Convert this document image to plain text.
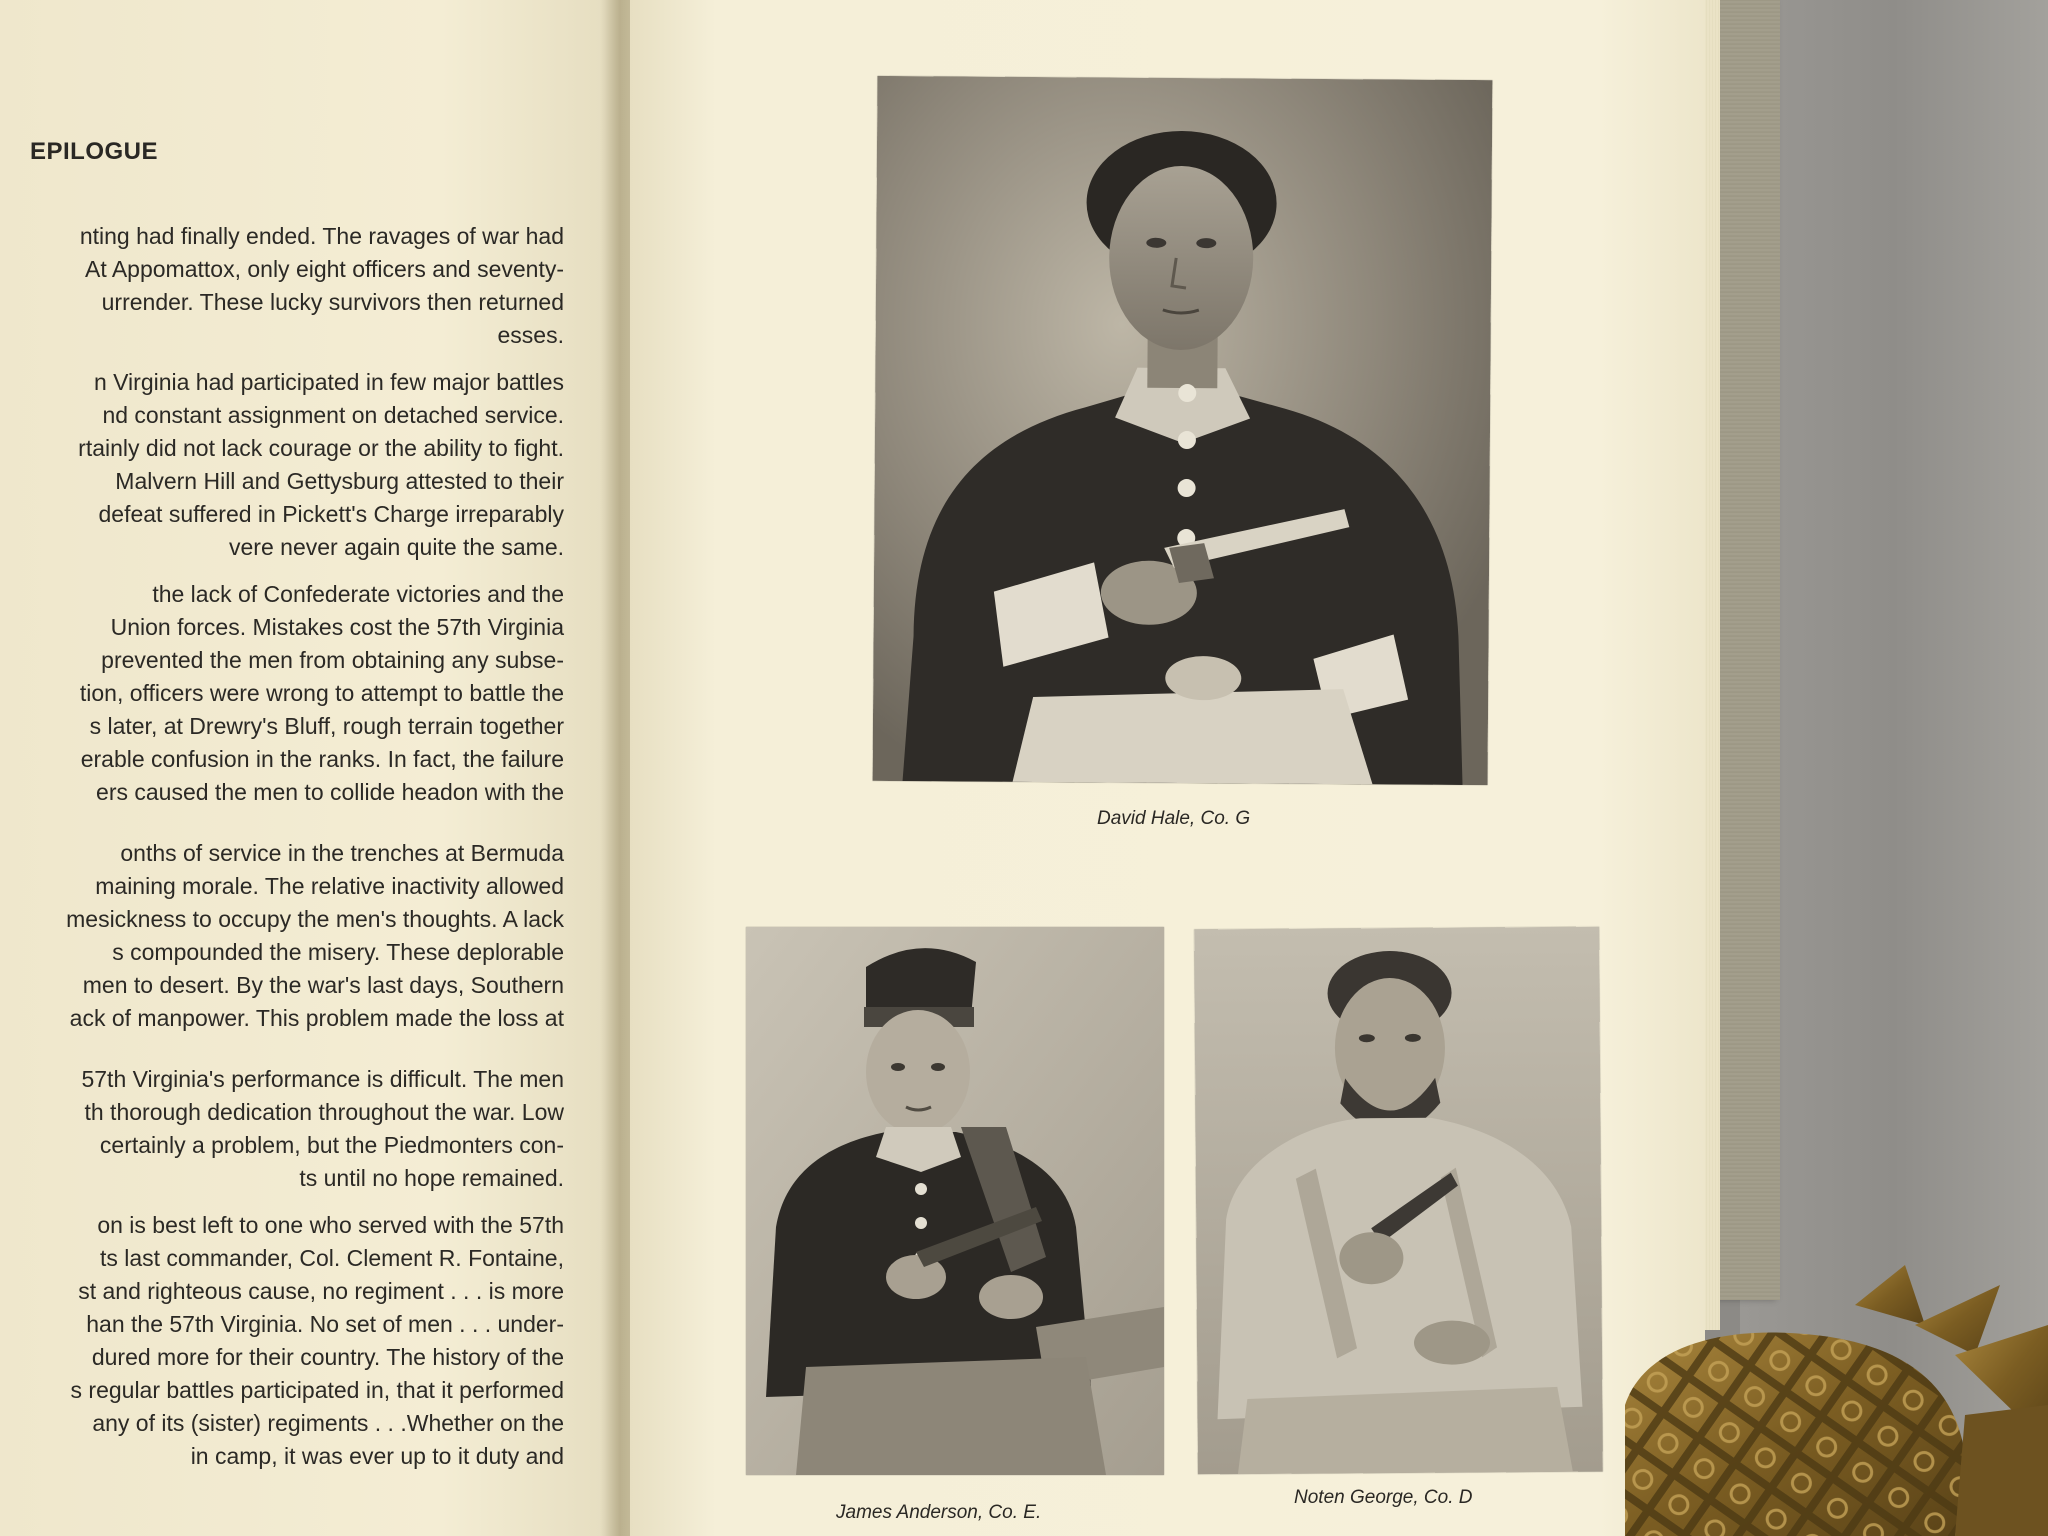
EPILOGUE
nting had finally ended. The ravages of war had
At Appomattox, only eight officers and seventy-
urrender. These lucky survivors then returned
esses.
n Virginia had participated in few major battles
nd constant assignment on detached service.
rtainly did not lack courage or the ability to fight.
Malvern Hill and Gettysburg attested to their
defeat suffered in Pickett's Charge irreparably
vere never again quite the same.
the lack of Confederate victories and the
Union forces. Mistakes cost the 57th Virginia
prevented the men from obtaining any subse-
tion, officers were wrong to attempt to battle the
s later, at Drewry's Bluff, rough terrain together
erable confusion in the ranks. In fact, the failure
ers caused the men to collide headon with the
onths of service in the trenches at Bermuda
maining morale. The relative inactivity allowed
mesickness to occupy the men's thoughts. A lack
s compounded the misery. These deplorable
men to desert. By the war's last days, Southern
ack of manpower. This problem made the loss at
57th Virginia's performance is difficult. The men
th thorough dedication throughout the war. Low
certainly a problem, but the Piedmonters con-
ts until no hope remained.
on is best left to one who served with the 57th
ts last commander, Col. Clement R. Fontaine,
st and righteous cause, no regiment . . . is more
han the 57th Virginia. No set of men . . . under-
dured more for their country. The history of the
s regular battles participated in, that it performed
any of its (sister) regiments . . .Whether on the
in camp, it was ever up to it duty and
David Hale, Co. G
James Anderson, Co. E.
Noten George, Co. D
